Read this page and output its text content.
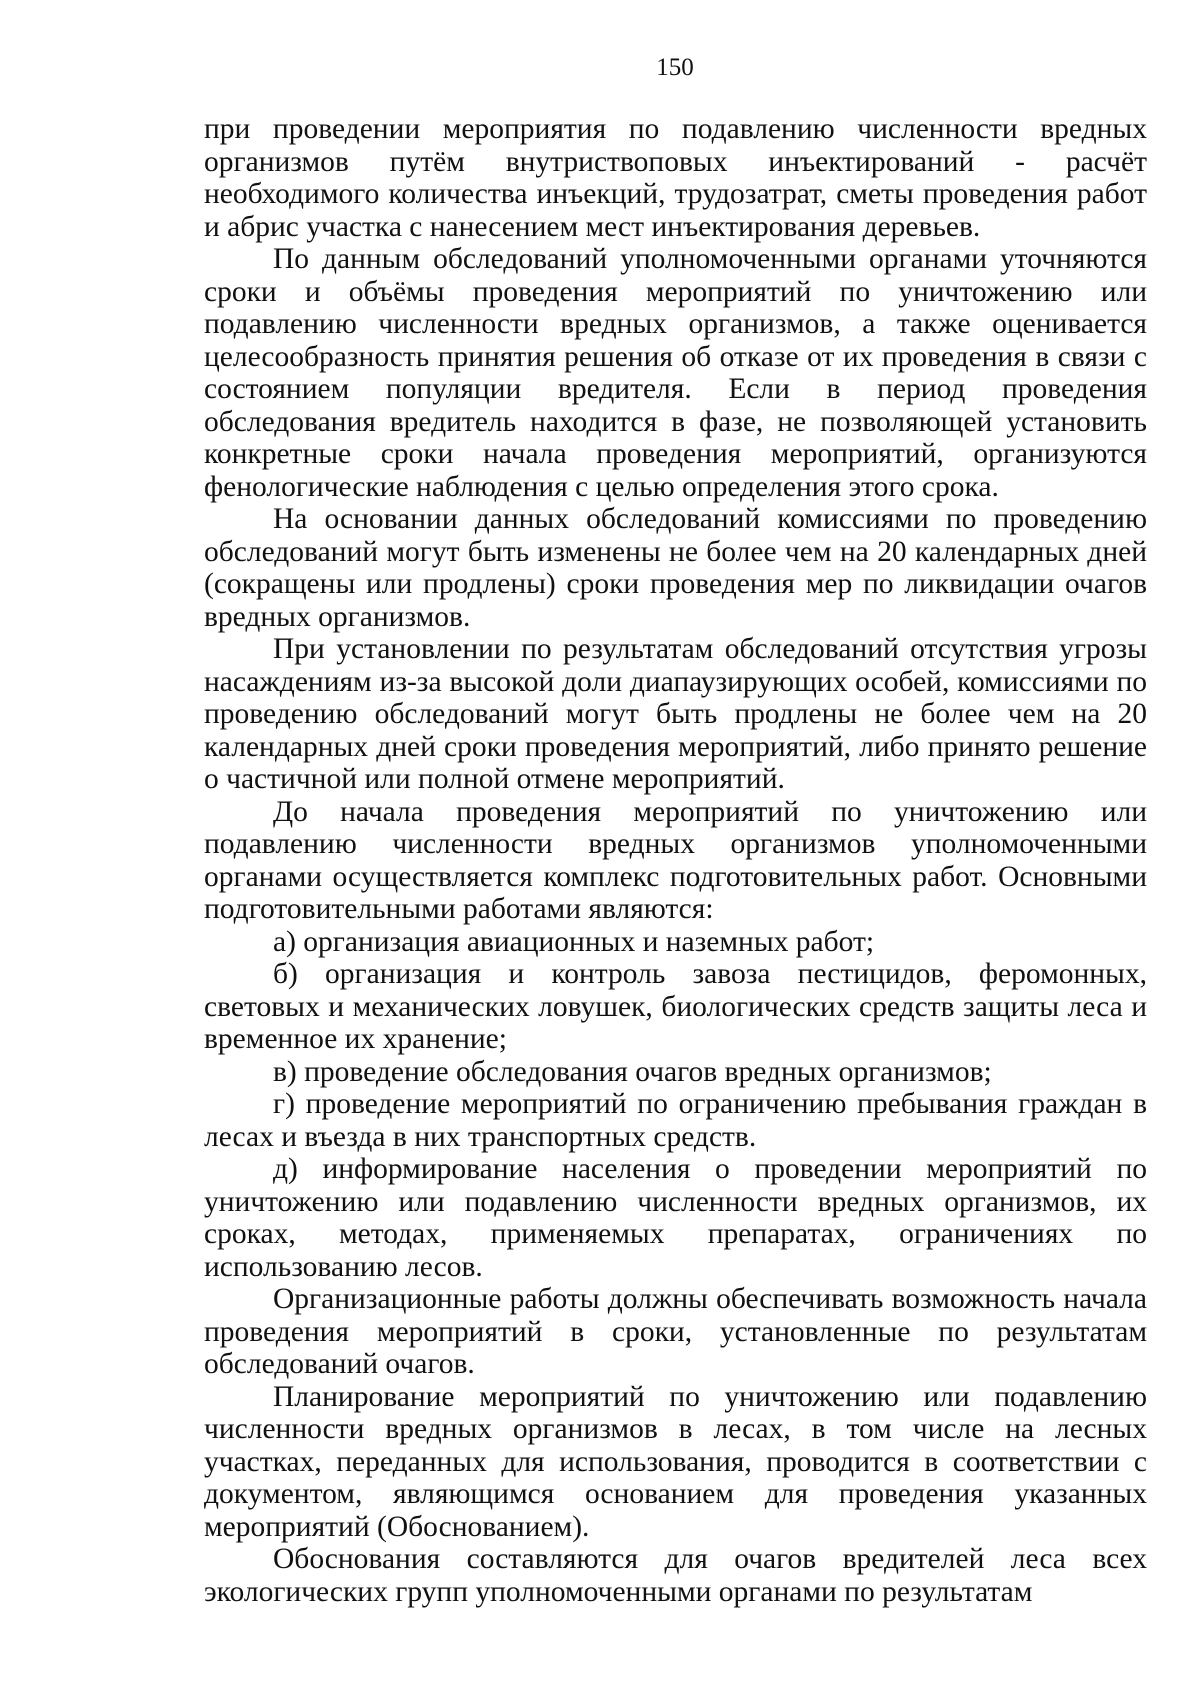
150

при проведении мероприятия по подавлению численности вредных организмов путём внутриствоповых инъектирований - расчёт необходимого количества инъекций, трудозатрат, сметы проведения работ и абрис участка с нанесением мест инъектирования деревьев.

По данным обследований уполномоченными органами уточняются сроки и объёмы проведения мероприятий по уничтожению или подавлению численности вредных организмов, а также оценивается целесообразность принятия решения об отказе от их проведения в связи с состоянием популяции вредителя. Если в период проведения обследования вредитель находится в фазе, не позволяющей установить конкретные сроки начала проведения мероприятий, организуются фенологические наблюдения с целью определения этого срока.

На основании данных обследований комиссиями по проведению обследований могут быть изменены не более чем на 20 календарных дней (сокращены или продлены) сроки проведения мер по ликвидации очагов вредных организмов.

При установлении по результатам обследований отсутствия угрозы насаждениям из-за высокой доли диапаузирующих особей, комиссиями по проведению обследований могут быть продлены не более чем на 20 календарных дней сроки проведения мероприятий, либо принято решение о частичной или полной отмене мероприятий.

До начала проведения мероприятий по уничтожению или подавлению численности вредных организмов уполномоченными органами осуществляется комплекс подготовительных работ. Основными подготовительными работами являются:

а) организация авиационных и наземных работ;

б) организация и контроль завоза пестицидов, феромонных, световых и механических ловушек, биологических средств защиты леса и временное их хранение;

в) проведение обследования очагов вредных организмов;

г) проведение мероприятий по ограничению пребывания граждан в лесах и въезда в них транспортных средств.

д) информирование населения о проведении мероприятий по уничтожению или подавлению численности вредных организмов, их сроках, методах, применяемых препаратах, ограничениях по использованию лесов.

Организационные работы должны обеспечивать возможность начала проведения мероприятий в сроки, установленные по результатам обследований очагов.

Планирование мероприятий по уничтожению или подавлению численности вредных организмов в лесах, в том числе на лесных участках, переданных для использования, проводится в соответствии с документом, являющимся основанием для проведения указанных мероприятий (Обоснованием).

Обоснования составляются для очагов вредителей леса всех экологических групп уполномоченными органами по результатам
